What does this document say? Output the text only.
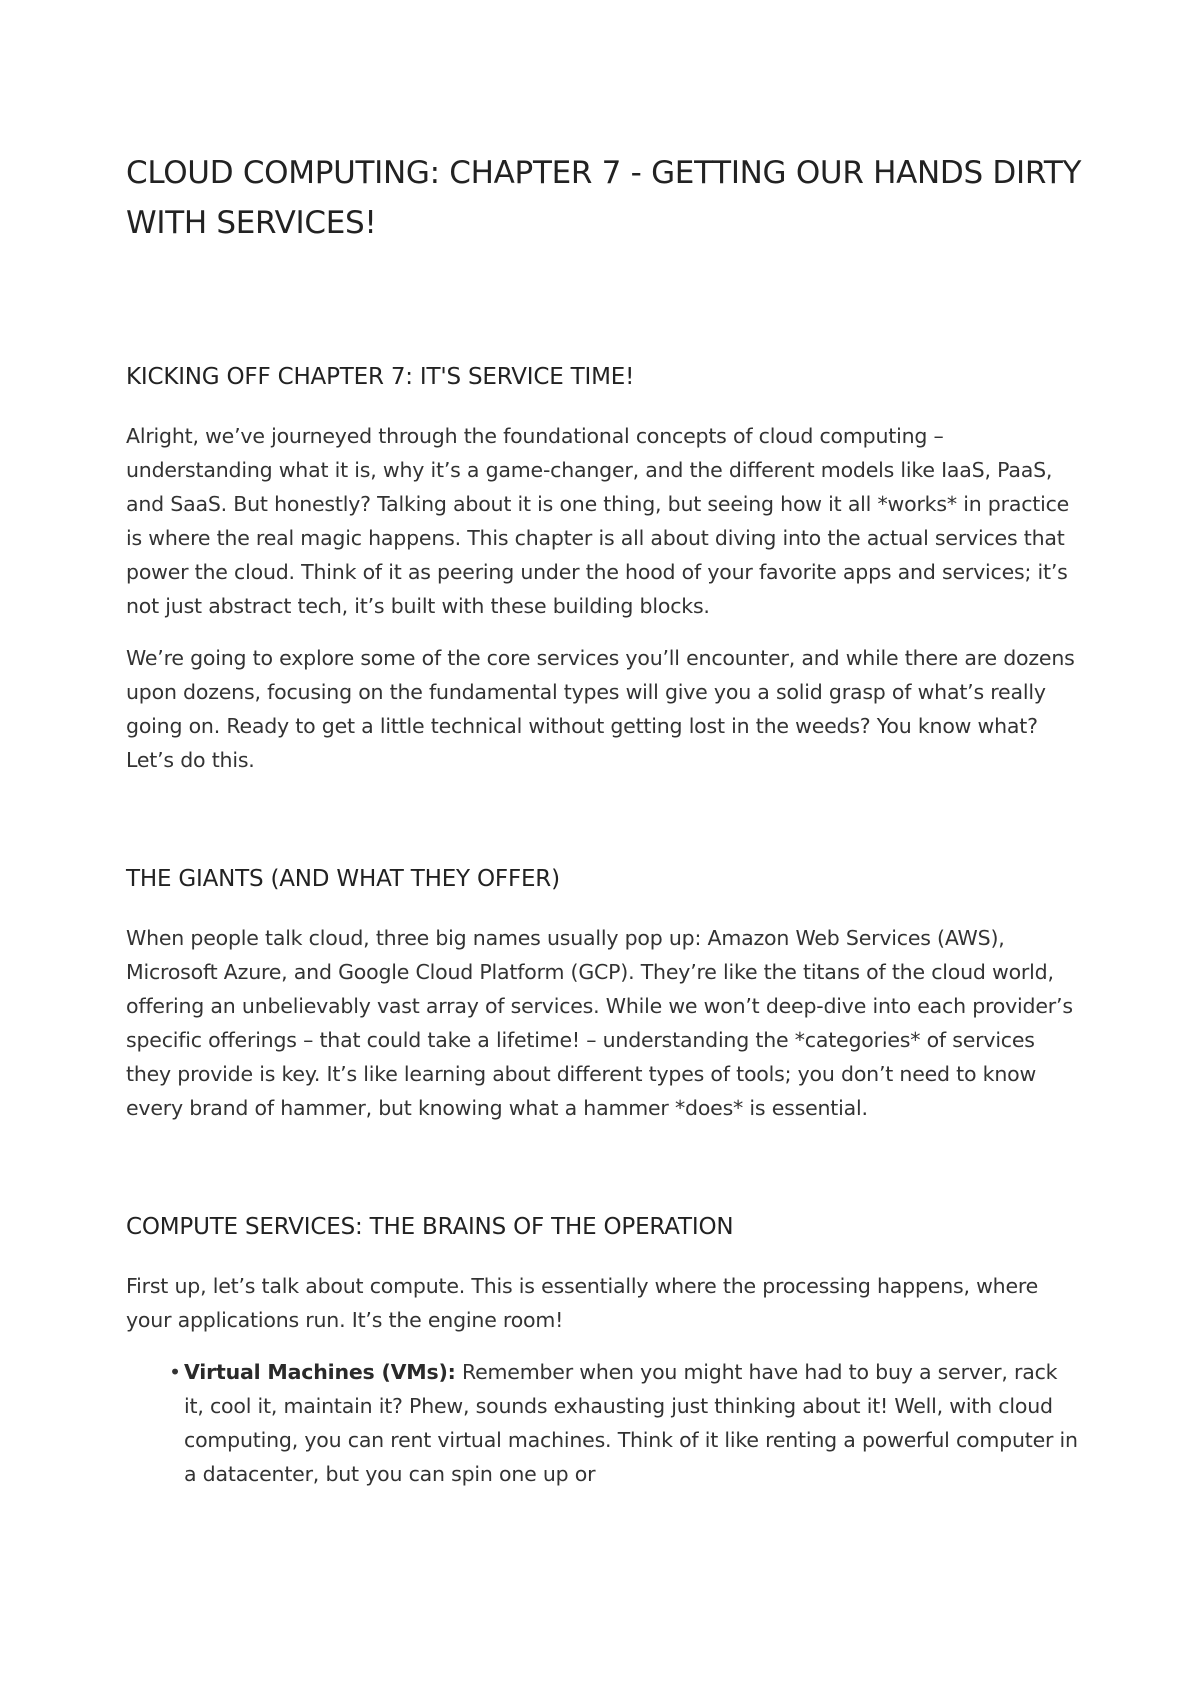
CLOUD COMPUTING: CHAPTER 7 - GETTING OUR HANDS DIRTY WITH SERVICES!
KICKING OFF CHAPTER 7: IT'S SERVICE TIME!

Alright, we’ve journeyed through the foundational concepts of cloud computing – understanding what it is, why it’s a game-changer, and the different models like IaaS, PaaS, and SaaS. But honestly? Talking about it is one thing, but seeing how it all *works* in practice is where the real magic happens. This chapter is all about diving into the actual services that power the cloud. Think of it as peering under the hood of your favorite apps and services; it’s not just abstract tech, it’s built with these building blocks.

We’re going to explore some of the core services you’ll encounter, and while there are dozens upon dozens, focusing on the fundamental types will give you a solid grasp of what’s really going on. Ready to get a little technical without getting lost in the weeds? You know what? Let’s do this.

THE GIANTS (AND WHAT THEY OFFER)

When people talk cloud, three big names usually pop up: Amazon Web Services (AWS), Microsoft Azure, and Google Cloud Platform (GCP). They’re like the titans of the cloud world, offering an unbelievably vast array of services. While we won’t deep-dive into each provider’s specific offerings – that could take a lifetime! – understanding the *categories* of services they provide is key. It’s like learning about different types of tools; you don’t need to know every brand of hammer, but knowing what a hammer *does* is essential.

COMPUTE SERVICES: THE BRAINS OF THE OPERATION

First up, let’s talk about compute. This is essentially where the processing happens, where your applications run. It’s the engine room!

• Virtual Machines (VMs): Remember when you might have had to buy a server, rack it, cool it, maintain it? Phew, sounds exhausting just thinking about it! Well, with cloud computing, you can rent virtual machines. Think of it like renting a powerful computer in a datacenter, but you can spin one up or
